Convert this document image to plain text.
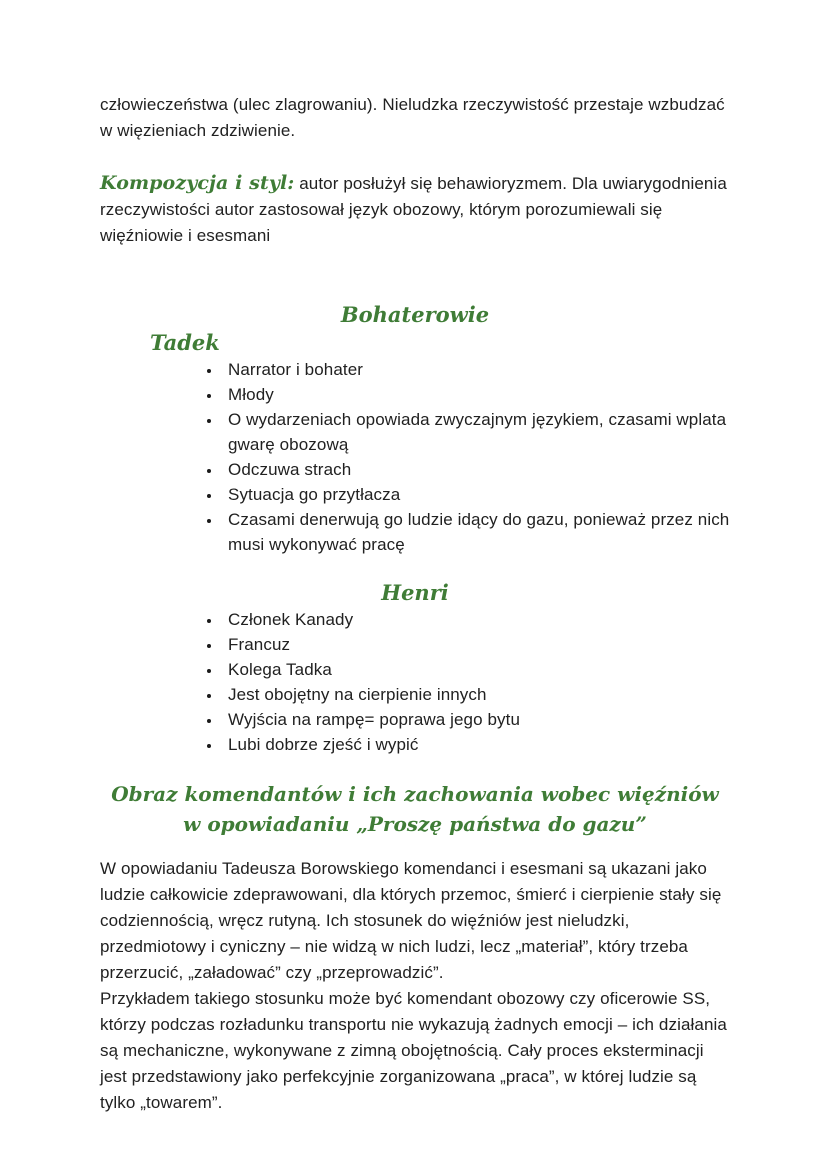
człowieczeństwa (ulec zlagrowaniu). Nieludzka rzeczywistość przestaje wzbudzać w więzieniach zdziwienie.

Kompozycja i styl: autor posłużył się behawioryzmem. Dla uwiarygodnienia rzeczywistości autor zastosował język obozowy, którym porozumiewali się więźniowie i esesmani

Bohaterowie
Tadek
• Narrator i bohater
• Młody
• O wydarzeniach opowiada zwyczajnym językiem, czasami wplata gwarę obozową
• Odczuwa strach
• Sytuacja go przytłacza
• Czasami denerwują go ludzie idący do gazu, ponieważ przez nich musi wykonywać pracę
Henri
• Członek Kanady
• Francuz
• Kolega Tadka
• Jest obojętny na cierpienie innych
• Wyjścia na rampę= poprawa jego bytu
• Lubi dobrze zjeść i wypić
Obraz komendantów i ich zachowania wobec więźniów w opowiadaniu „Proszę państwa do gazu”

W opowiadaniu Tadeusza Borowskiego komendanci i esesmani są ukazani jako ludzie całkowicie zdeprawowani, dla których przemoc, śmierć i cierpienie stały się codziennością, wręcz rutyną. Ich stosunek do więźniów jest nieludzki, przedmiotowy i cyniczny – nie widzą w nich ludzi, lecz „materiał”, który trzeba przerzucić, „załadować” czy „przeprowadzić”.

Przykładem takiego stosunku może być komendant obozowy czy oficerowie SS, którzy podczas rozładunku transportu nie wykazują żadnych emocji – ich działania są mechaniczne, wykonywane z zimną obojętnością. Cały proces eksterminacji jest przedstawiony jako perfekcyjnie zorganizowana „praca”, w której ludzie są tylko „towarem”.
